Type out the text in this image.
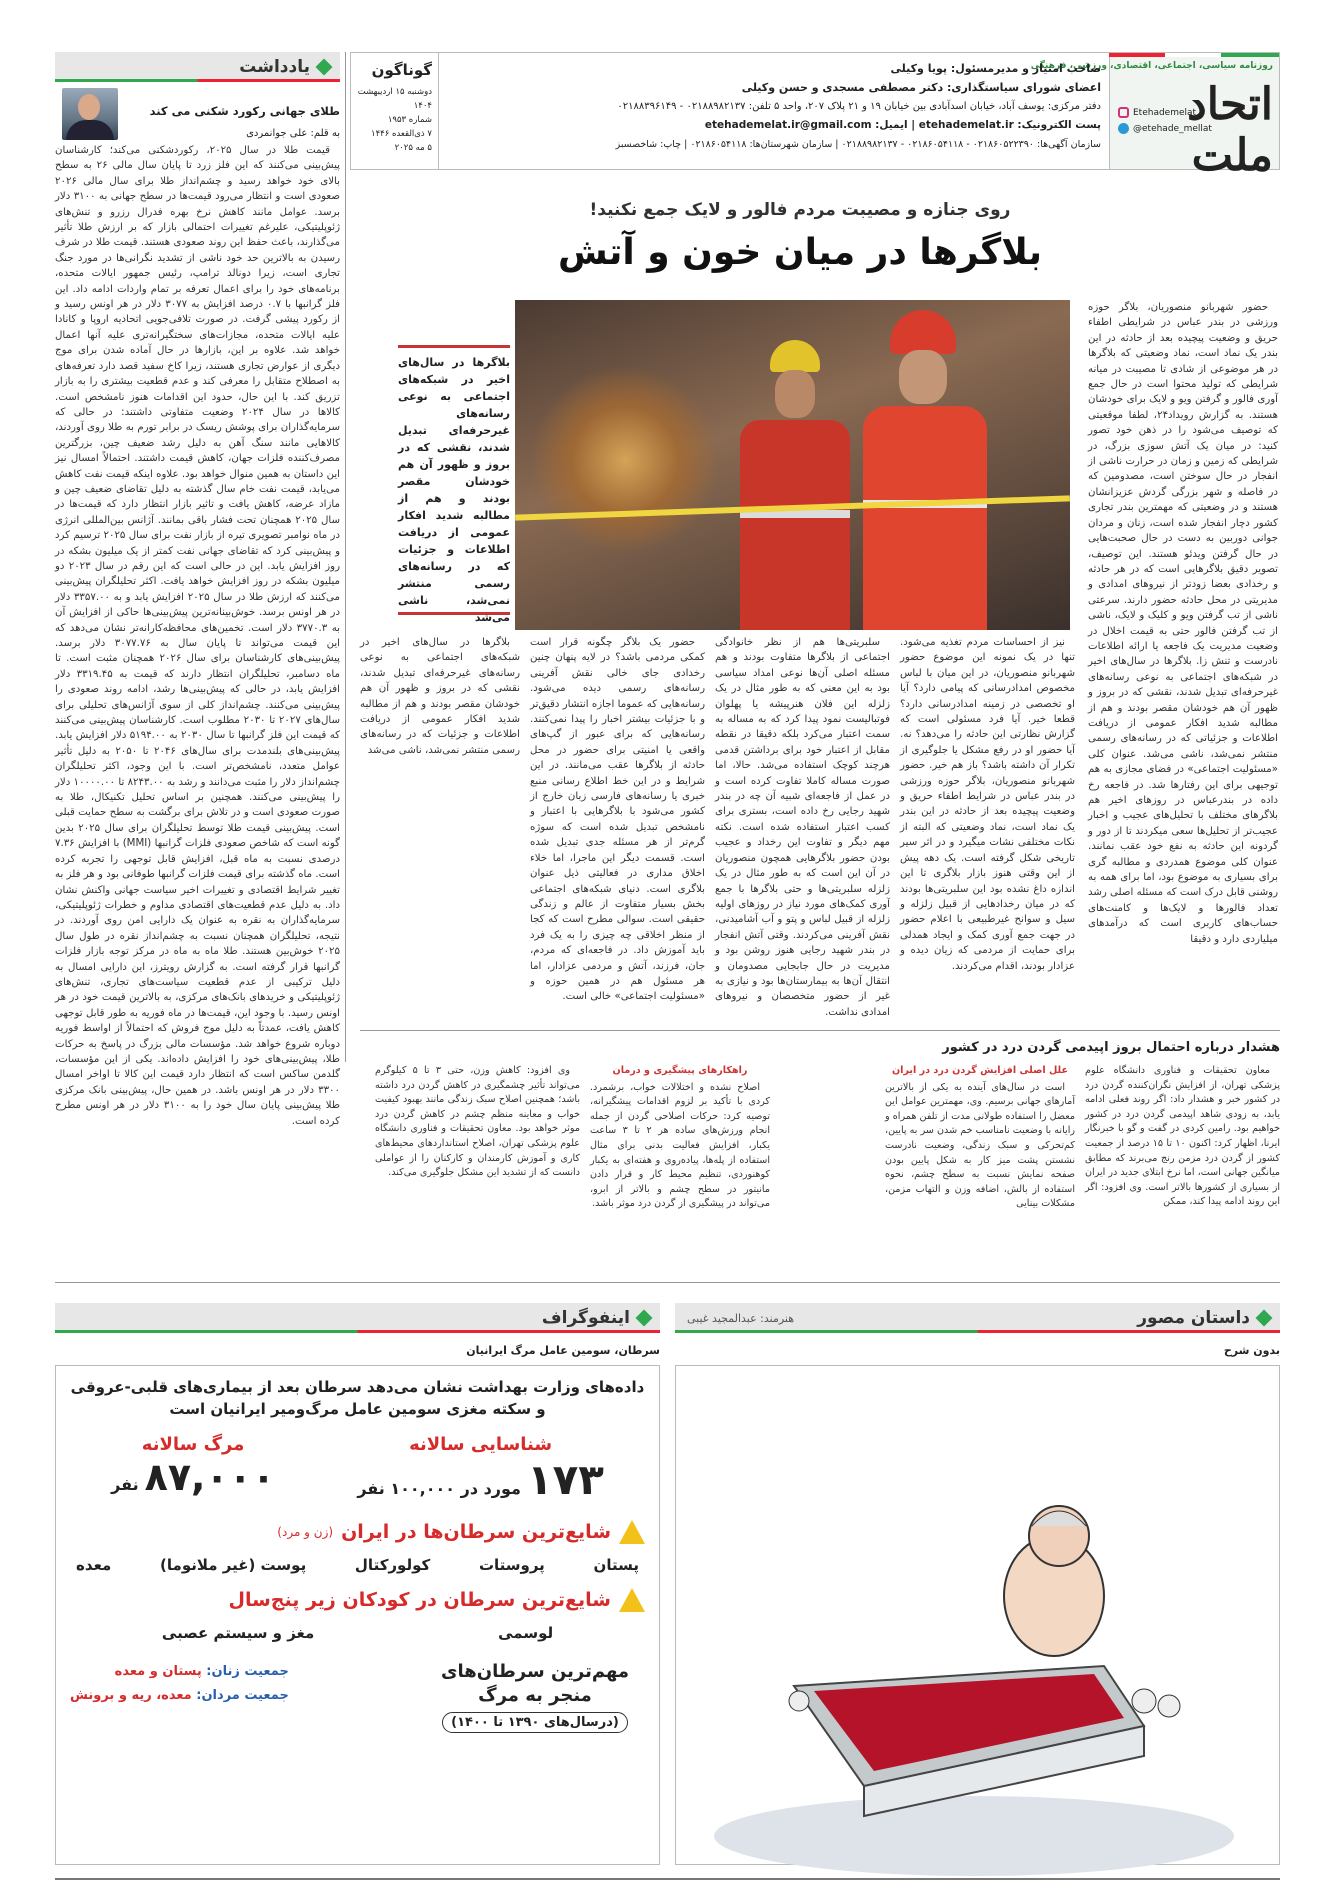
روزنامه سیاسی، اجتماعی، اقتصادی، ورزشی، فرهنگی
اتحاد ملت
Etehademelat
@etehade_mellat
صاحب امتیاز و مدیرمسئول: پویا وکیلی
اعضای شورای سیاستگذاری: دکتر مصطفی مسجدی و حسن وکیلی
دفتر مرکزی: یوسف آباد، خیابان اسدآبادی بین خیابان ۱۹ و ۲۱ پلاک ۲۰۷، واحد ۵ تلفن: ۰۲۱۸۸۹۸۲۱۳۷ - ۰۲۱۸۸۳۹۶۱۴۹
پست الکترونیک: etehademelat.ir | ایمیل: etehademelat.ir@gmail.com
سازمان آگهی‌ها: ۰۲۱۸۶۰۵۲۲۳۹۰ - ۰۲۱۸۶۰۵۴۱۱۸ - ۰۲۱۸۸۹۸۲۱۳۷ | سازمان شهرستان‌ها: ۰۲۱۸۶۰۵۴۱۱۸ | چاپ: شاخصسبز
گوناگون
دوشنبه ۱۵ اردیبهشت ۱۴۰۴
شماره ۱۹۵۳
۷ ذی‌القعده ۱۴۴۶
۵ مه ۲۰۲۵
یادداشت
طلای جهانی رکورد شکنی می کند
به قلم: علی جوانمردی

قیمت طلا در سال ۲۰۲۵، رکوردشکنی می‌کند؛ کارشناسان پیش‌بینی می‌کنند که این فلز زرد تا پایان سال مالی ۲۶ به سطح بالای خود خواهد رسید و چشم‌انداز طلا برای سال مالی ۲۰۲۶ صعودی است و انتظار می‌رود قیمت‌ها در سطح جهانی به ۳۱۰۰ دلار برسد. عوامل مانند کاهش نرخ بهره فدرال رزرو و تنش‌های ژئوپلیتیکی، علیرغم تغییرات احتمالی بازار که بر ارزش طلا تأثیر می‌گذارند، باعث حفظ این روند صعودی هستند. قیمت طلا در شرف رسیدن به بالاترین حد خود ناشی از تشدید نگرانی‌ها در مورد جنگ تجاری است، زیرا دونالد ترامپ، رئیس جمهور ایالات متحده، برنامه‌های خود را برای اعمال تعرفه بر تمام واردات ادامه داد. این فلز گرانبها با ۰.۷ درصد افزایش به ۳۰۷۷ دلار در هر اونس رسید و از رکورد پیشی گرفت. در صورت تلافی‌جویی اتحادیه اروپا و کانادا علیه ایالات متحده، مجازات‌های سختگیرانه‌تری علیه آنها اعمال خواهد شد. علاوه بر این، بازارها در حال آماده شدن برای موج دیگری از عوارض تجاری هستند، زیرا کاخ سفید قصد دارد تعرفه‌های به اصطلاح متقابل را معرفی کند و عدم قطعیت بیشتری را به بازار تزریق کند. با این حال، حدود این اقدامات هنوز نامشخص است. کالاها در سال ۲۰۲۴ وضعیت متفاوتی داشتند: در حالی که سرمایه‌گذاران برای پوشش ریسک در برابر تورم به طلا روی آوردند، کالاهایی مانند سنگ آهن به دلیل رشد ضعیف چین، بزرگترین مصرف‌کننده فلزات جهان، کاهش قیمت داشتند. احتمالاً امسال نیز این داستان به همین منوال خواهد بود. علاوه اینکه قیمت نفت کاهش می‌یابد، قیمت نفت خام سال گذشته به دلیل تقاضای ضعیف چین و مازاد عرضه، کاهش یافت و تاثیر بازار انتظار دارد که قیمت‌ها در سال ۲۰۲۵ همچنان تحت فشار باقی بمانند. آژانس بین‌المللی انرژی در ماه نوامبر تصویری تیره از بازار نفت برای سال ۲۰۲۵ ترسیم کرد و پیش‌بینی کرد که تقاضای جهانی نفت کمتر از یک میلیون بشکه در روز افزایش یابد. این در حالی است که این رقم در سال ۲۰۲۳ دو میلیون بشکه در روز افزایش خواهد یافت. اکثر تحلیلگران پیش‌بینی می‌کنند که ارزش طلا در سال ۲۰۲۵ افزایش یابد و به ۳۳۵۷.۰۰ دلار در هر اونس برسد. خوش‌بینانه‌ترین پیش‌بینی‌ها حاکی از افزایش آن به ۳۷۷۰.۳ دلار است. تخمین‌های محافظه‌کارانه‌تر نشان می‌دهد که این قیمت می‌تواند تا پایان سال به ۳۰۷۷.۷۶ دلار برسد. پیش‌بینی‌های کارشناسان برای سال ۲۰۲۶ همچنان مثبت است. تا ماه دسامبر، تحلیلگران انتظار دارند که قیمت به ۳۳۱۹.۴۵ دلار افزایش یابد، در حالی که پیش‌بینی‌ها رشد، ادامه روند صعودی را پیش‌بینی می‌کنند. چشم‌انداز کلی از سوی آژانس‌های تحلیلی برای سال‌های ۲۰۲۷ تا ۲۰۳۰ مطلوب است. کارشناسان پیش‌بینی می‌کنند که قیمت این فلز گرانبها تا سال ۲۰۳۰ به ۵۱۹۴.۰۰ دلار افزایش یابد. پیش‌بینی‌های بلندمدت برای سال‌های ۲۰۴۶ تا ۲۰۵۰ به دلیل تأثیر عوامل متعدد، نامشخص‌تر است. با این وجود، اکثر تحلیلگران چشم‌انداز دلار را مثبت می‌دانند و رشد به ۸۲۴۳.۰۰ تا ۱۰۰۰۰.۰۰ دلار را پیش‌بینی می‌کنند. همچنین بر اساس تحلیل تکنیکال، طلا به صورت صعودی است و در تلاش برای برگشت به سطح حمایت قبلی است. پیش‌بینی قیمت طلا توسط تحلیلگران برای سال ۲۰۲۵ بدین گونه است که شاخص صعودی فلزات گرانبها (MMI) با افزایش ۷.۳۶ درصدی نسبت به ماه قبل، افزایش قابل توجهی را تجربه کرده است. ماه گذشته برای قیمت فلزات گرانبها طوفانی بود و هر فلز به تغییر شرایط اقتصادی و تغییرات اخیر سیاست جهانی واکنش نشان داد. به دلیل عدم قطعیت‌های اقتصادی مداوم و خطرات ژئوپلیتیکی، سرمایه‌گذاران به نقره به عنوان یک دارایی امن روی آوردند. در نتیجه، تحلیلگران همچنان نسبت به چشم‌انداز نقره در طول سال ۲۰۲۵ خوش‌بین هستند. طلا ماه به ماه در مرکز توجه بازار فلزات گرانبها قرار گرفته است. به گزارش رویترز، این دارایی امسال به دلیل ترکیبی از عدم قطعیت سیاست‌های تجاری، تنش‌های ژئوپلیتیکی و خریدهای بانک‌های مرکزی، به بالاترین قیمت خود در هر اونس رسید. با وجود این، قیمت‌ها در ماه فوریه به طور قابل توجهی کاهش یافت، عمدتاً به دلیل موج فروش که احتمالاً از اواسط فوریه دوباره شروع خواهد شد. مؤسسات مالی بزرگ در پاسخ به حرکات طلا، پیش‌بینی‌های خود را افزایش داده‌اند. یکی از این مؤسسات، گلدمن ساکس است که انتظار دارد قیمت این کالا تا اواخر امسال ۳۳۰۰ دلار در هر اونس باشد. در همین حال، پیش‌بینی بانک مرکزی طلا پیش‌بینی پایان سال خود را به ۳۱۰۰ دلار در هر اونس مطرح کرده است.

روی جنازه و مصیبت مردم فالور و لایک جمع نکنید!
بلاگرها در میان خون و آتش

بلاگرها در سال‌های اخیر در شبکه‌های اجتماعی به نوعی رسانه‌های غیرحرفه‌ای تبدیل شدند، نقشی که در بروز و ظهور آن هم خودشان مقصر بودند و هم از مطالبه شدید افکار عمومی از دریافت اطلاعات و جزئیات که در رسانه‌های رسمی منتشر نمی‌شد، ناشی می‌شد

حضور شهربانو منصوریان، بلاگر حوزه ورزشی در بندر عباس در شرایطی اطفاء حریق و وضعیت پیچیده بعد از حادثه در این بندر یک نماد است، نماد وضعیتی که بلاگرها در هر موضوعی از شادی تا مصیبت در میانه شرایطی که تولید محتوا است در حال جمع آوری فالور و گرفتن ویو و لایک برای خودشان هستند. به گزارش رویداد۲۴، لطفا موقعیتی که توصیف می‌شود را در ذهن خود تصور کنید: در میان یک آتش سوزی بزرگ، در شرایطی که زمین و زمان در حرارت ناشی از انفجار در حال سوختن است، مصدومین که در فاصله و شهر بزرگی گردش عزیزانشان هستند و در وضعیتی که مهمترین بندر تجاری کشور دچار انفجار شده است، زنان و مردان جوانی دوربین به دست در حال صحبت‌هایی در حال گرفتن ویدئو هستند. این توصیف، تصویر دقیق بلاگرهایی است که در هر حادثه و رخدادی بعضا زودتر از نیروهای امدادی و مدیریتی در محل حادثه حضور دارند. سرعتی ناشی از تب گرفتن ویو و کلیک و لایک، ناشی از تب گرفتن فالور حتی به قیمت اخلال در وضعیت مدیریت یک فاجعه یا ارائه اطلاعات نادرست و تنش زا. بلاگرها در سال‌های اخیر در شبکه‌های اجتماعی به نوعی رسانه‌های غیرحرفه‌ای تبدیل شدند، نقشی که در بروز و ظهور آن هم خودشان مقصر بودند و هم از مطالبه شدید افکار عمومی از دریافت اطلاعات و جزئیاتی که در رسانه‌های رسمی منتشر نمی‌شد، ناشی می‌شد. عنوان کلی «مسئولیت اجتماعی» در فضای مجازی به هم توجیهی برای این رفتارها شد. در فاجعه رخ داده در بندرعباس در روزهای اخیر هم بلاگرهای مختلف با تحلیل‌های عجیب و اخبار عجیب‌تر از تحلیل‌ها سعی میکردند تا از دور و گردونه این حادثه به نفع خود عقب نمانند. عنوان کلی موضوع همدردی و مطالبه گری برای بسیاری به موضوع بود، اما برای همه به روشنی قابل درک است که مسئله اصلی رشد تعداد فالورها و لایک‌ها و کامنت‌های حساب‌های کاربری است که درآمدهای میلیاردی دارد و دقیقا

نیز از احساسات مردم تغذیه می‌شود. تنها در یک نمونه این موضوع حضور شهربانو منصوریان، در این میان با لباس مخصوص امدادرسانی که پیامی دارد؟ آیا او تخصصی در زمینه امدادرسانی دارد؟ قطعا خیر. آیا فرد مسئولی است که گزارش نظارتی این حادثه را می‌دهد؟ نه. آیا حضور او در رفع مشکل یا جلوگیری از تکرار آن داشته باشد؟ باز هم خیر. حضور شهربانو منصوریان، بلاگر حوزه ورزشی در بندر عباس در شرایط اطفاء حریق و وضعیت پیچیده بعد از حادثه در این بندر یک نماد است، نماد وضعیتی که البته از نکات مختلفی نشات میگیرد و در اثر سیر تاریخی شکل گرفته است. یک دهه پیش از این وقتی هنوز بازار بلاگری تا این اندازه داغ نشده بود این سلبریتی‌ها بودند که در میان رخدادهایی از قبیل زلزله و سیل و سوانح غیرطبیعی با اعلام حضور در جهت جمع آوری کمک و ایجاد همدلی برای حمایت از مردمی که زیان دیده و عزادار بودند، اقدام می‌کردند.

سلبریتی‌ها هم از نظر خانوادگی اجتماعی از بلاگرها متفاوت بودند و هم مسئله اصلی آن‌ها نوعی امداد سیاسی بود به این معنی که به طور مثال در یک زلزله این فلان هنرپیشه یا پهلوان فوتبالیست نمود پیدا کرد که به مساله به سمت اعتبار می‌کرد بلکه دقیقا در نقطه مقابل از اعتبار خود برای برداشتن قدمی هرچند کوچک استفاده می‌شد. حالا، اما صورت مساله کاملا تفاوت کرده است و در عمل از فاجعه‌ای شبیه آن چه در بندر شهید رجایی رخ داده است، بستری برای کسب اعتبار استفاده شده است. نکته مهم دیگر و تفاوت این رخداد و عجیب بودن حضور بلاگرهایی همچون منصوریان در آن این است که به طور مثال در یک زلزله سلبریتی‌ها و حتی بلاگرها با جمع آوری کمک‌های مورد نیاز در روزهای اولیه زلزله از قبیل لباس و پتو و آب آشامیدنی، نقش آفرینی می‌کردند. وقتی آتش انفجار در بندر شهید رجایی هنوز روشن بود و مدیریت در حال جابجایی مصدومان و انتقال آن‌ها به بیمارستان‌ها بود و نیازی به غیر از حضور متخصصان و نیروهای امدادی نداشت.

حضور یک بلاگر چگونه قرار است کمکی مردمی باشد؟ در لایه پنهان چنین رخدادی جای خالی نقش آفرینی رسانه‌های رسمی دیده می‌شود. رسانه‌هایی که عموما اجازه انتشار دقیق‌تر و با جزئیات بیشتر اخبار را پیدا نمی‌کنند. رسانه‌هایی که برای عبور از گپ‌های واقعی یا امنیتی برای حضور در محل حادثه از بلاگرها عقب می‌مانند. در این شرایط و در این خط اطلاع رسانی منبع خبری یا رسانه‌های فارسی زبان خارج از کشور می‌شود با بلاگرهایی با اعتبار و نامشخص تبدیل شده است که سوژه گرم‌تر از هر مسئله جدی تبدیل شده است. قسمت دیگر این ماجرا، اما خلاء اخلاق مداری در فعالیتی ذیل عنوان بلاگری است. دنیای شبکه‌های اجتماعی بخش بسیار متفاوت از عالم و زندگی حقیقی است. سوالی مطرح است که کجا از منظر اخلاقی چه چیزی را به یک فرد باید آموزش داد. در فاجعه‌ای که مردم، جان، فرزند، آتش و مردمی عزادار، اما هر مسئول هم در همین حوزه و «مسئولیت اجتماعی» خالی است.

بلاگرها در سال‌های اخیر در شبکه‌های اجتماعی به نوعی رسانه‌های غیرحرفه‌ای تبدیل شدند، نقشی که در بروز و ظهور آن هم خودشان مقصر بودند و هم از مطالبه شدید افکار عمومی از دریافت اطلاعات و جزئیات که در رسانه‌های رسمی منتشر نمی‌شد، ناشی می‌شد

هشدار درباره احتمال بروز اپیدمی گردن درد در کشور

معاون تحقیقات و فناوری دانشگاه علوم پزشکی تهران، از افزایش نگران‌کننده گردن درد در کشور خبر و هشدار داد: اگر روند فعلی ادامه یابد، به زودی شاهد اپیدمی گردن درد در کشور خواهیم بود. رامین کردی در گفت و گو با خبرنگار ایرنا، اظهار کرد: اکنون ۱۰ تا ۱۵ درصد از جمعیت کشور از گردن درد مزمن رنج می‌برند که مطابق میانگین جهانی است، اما نرخ ابتلای جدید در ایران از بسیاری از کشورها بالاتر است. وی افزود: اگر این روند ادامه پیدا کند، ممکن

علل اصلی افزایش گردن درد در ایران

است در سال‌های آینده به یکی از بالاترین آمارهای جهانی برسیم. وی، مهمترین عوامل این معضل را استفاده طولانی مدت از تلفن همراه و رایانه با وضعیت نامناسب خم شدن سر به پایین، کم‌تحرکی و سبک زندگی، وضعیت نادرست نشستن پشت میز کار به شکل پایین بودن صفحه نمایش نسبت به سطح چشم، نحوه استفاده از بالش، اضافه وزن و التهاب مزمن، مشکلات بینایی

راهکارهای پیشگیری و درمان

اصلاح نشده و اختلالات خواب، برشمرد. کردی با تأکید بر لزوم اقدامات پیشگیرانه، توصیه کرد: حرکات اصلاحی گردن از جمله انجام ورزش‌های ساده هر ۲ تا ۳ ساعت یکبار، افزایش فعالیت بدنی برای مثال استفاده از پله‌ها، پیاده‌روی و هفته‌ای به یکبار کوهنوردی، تنظیم محیط کار و قرار دادن مانیتور در سطح چشم و بالاتر از ابرو، می‌تواند در پیشگیری از گردن درد موثر باشد.

وی افزود: کاهش وزن، حتی ۳ تا ۵ کیلوگرم می‌تواند تأثیر چشمگیری در کاهش گردن درد داشته باشد؛ همچنین اصلاح سبک زندگی مانند بهبود کیفیت خواب و معاینه منظم چشم در کاهش گردن درد موثر خواهد بود. معاون تحقیقات و فناوری دانشگاه علوم پزشکی تهران، اصلاح استانداردهای محیط‌های کاری و آموزش کارمندان و کارکنان را از عواملی دانست که از تشدید این مشکل جلوگیری می‌کند.

داستان مصور
هنرمند: عبدالمجید غیبی
بدون شرح
اینفوگراف
سرطان، سومین عامل مرگ ایرانیان
داده‌های وزارت بهداشت نشان می‌دهد سرطان بعد از بیماری‌های قلبی-عروقی و سکته مغزی سومین عامل مرگ‌ومیر ایرانیان است
شناسایی سالانه
۱۷۳
مورد در ۱۰۰,۰۰۰ نفر
مرگ سالانه
۸۷,۰۰۰
نفر
شایع‌ترین سرطان‌ها در ایران
(زن و مرد)
پستان
پروستات
کولورکتال
پوست (غیر ملانوما)
معده
شایع‌ترین سرطان در کودکان زیر پنج‌سال
لوسمی
مغز و سیستم عصبی
مهم‌ترین سرطان‌های منجر به مرگ
(درسال‌های ۱۳۹۰ تا ۱۴۰۰)
جمعیت زنان: پستان و معده
جمعیت مردان: معده، ریه و برونش
